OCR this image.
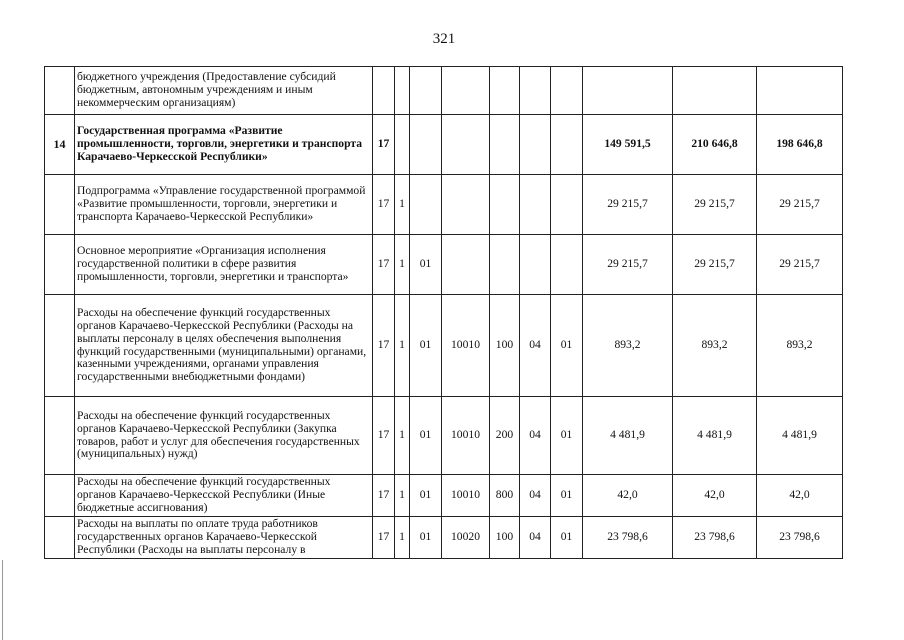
321
	бюджетного учреждения (Предоставление субсидий бюджетным, автономным учреждениям и иным некоммерческим организациям)										
14	Государственная программа «Развитие промышленности, торговли, энергетики и транспорта Карачаево-Черкесской Республики»	17							149 591,5	210 646,8	198 646,8
	Подпрограмма «Управление государственной программой «Развитие промышленности, торговли, энергетики и транспорта Карачаево-Черкесской Республики»	17	1						29 215,7	29 215,7	29 215,7
	Основное мероприятие «Организация исполнения государственной политики в сфере развития промышленности, торговли, энергетики и транспорта»	17	1	01					29 215,7	29 215,7	29 215,7
	Расходы на обеспечение функций государственных органов Карачаево-Черкесской Республики (Расходы на выплаты персоналу в целях обеспечения выполнения функций государственными (муниципальными) органами, казенными учреждениями, органами управления государственными внебюджетными фондами)	17	1	01	10010	100	04	01	893,2	893,2	893,2
	Расходы на обеспечение функций государственных органов Карачаево-Черкесской Республики (Закупка товаров, работ и услуг для обеспечения государственных (муниципальных) нужд)	17	1	01	10010	200	04	01	4 481,9	4 481,9	4 481,9
	Расходы на обеспечение функций государственных органов Карачаево-Черкесской Республики (Иные бюджетные ассигнования)	17	1	01	10010	800	04	01	42,0	42,0	42,0
	Расходы на выплаты по оплате труда работников государственных органов Карачаево-Черкесской Республики (Расходы на выплаты персоналу в	17	1	01	10020	100	04	01	23 798,6	23 798,6	23 798,6
